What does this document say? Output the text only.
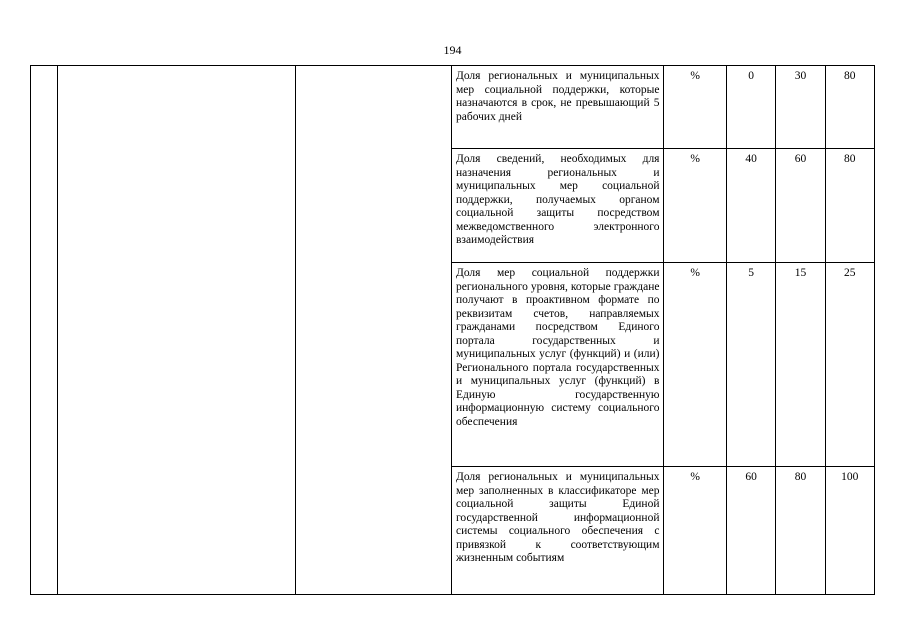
194
			Доля региональных и муниципальных мер социальной поддержки, которые назначаются в срок, не превышающий 5 рабочих дней	%	0	30	80
			Доля сведений, необходимых для назначения региональных и муниципальных мер социальной поддержки, получаемых органом социальной защиты посредством межведомственного электронного взаимодействия	%	40	60	80
			Доля мер социальной поддержки регионального уровня, которые граждане получают в проактивном формате по реквизитам счетов, направляемых гражданами посредством Единого портала государственных и муниципальных услуг (функций) и (или) Регионального портала государственных и муниципальных услуг (функций) в Единую государственную информационную систему социального обеспечения	%	5	15	25
			Доля региональных и муниципальных мер заполненных в классификаторе мер социальной защиты Единой государственной информационной системы социального обеспечения с привязкой к соответствующим жизненным событиям	%	60	80	100
